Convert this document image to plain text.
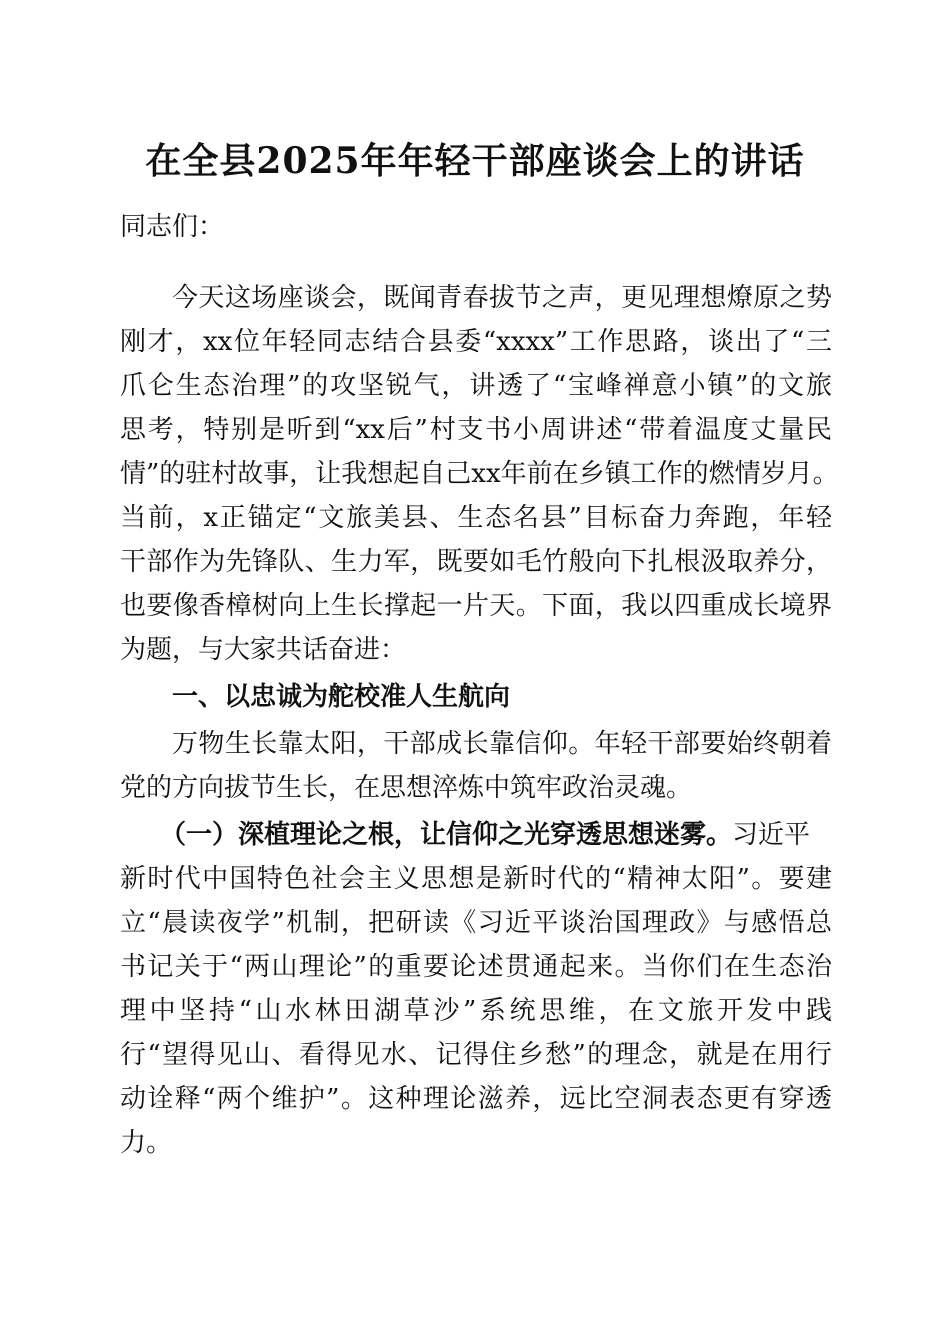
在全县2025年年轻干部座谈会上的讲话

同志们：

今天这场座谈会，既闻青春拔节之声，更见理想燎原之势

刚才，xx位年轻同志结合县委“xxxx”工作思路，谈出了“三

爪仑生态治理”的攻坚锐气，讲透了“宝峰禅意小镇”的文旅

思考，特别是听到“xx后”村支书小周讲述“带着温度丈量民

情”的驻村故事，让我想起自己xx年前在乡镇工作的燃情岁月。

当前，x正锚定“文旅美县、生态名县”目标奋力奔跑，年轻

干部作为先锋队、生力军，既要如毛竹般向下扎根汲取养分，

也要像香樟树向上生长撑起一片天。下面，我以四重成长境界

为题，与大家共话奋进：

一、以忠诚为舵校准人生航向

万物生长靠太阳，干部成长靠信仰。年轻干部要始终朝着

党的方向拔节生长，在思想淬炼中筑牢政治灵魂。

（一）深植理论之根，让信仰之光穿透思想迷雾。习近平

新时代中国特色社会主义思想是新时代的“精神太阳”。要建

立“晨读夜学”机制，把研读《习近平谈治国理政》与感悟总

书记关于“两山理论”的重要论述贯通起来。当你们在生态治

理中坚持“山水林田湖草沙”系统思维，在文旅开发中践

行“望得见山、看得见水、记得住乡愁”的理念，就是在用行

动诠释“两个维护”。这种理论滋养，远比空洞表态更有穿透

力。
